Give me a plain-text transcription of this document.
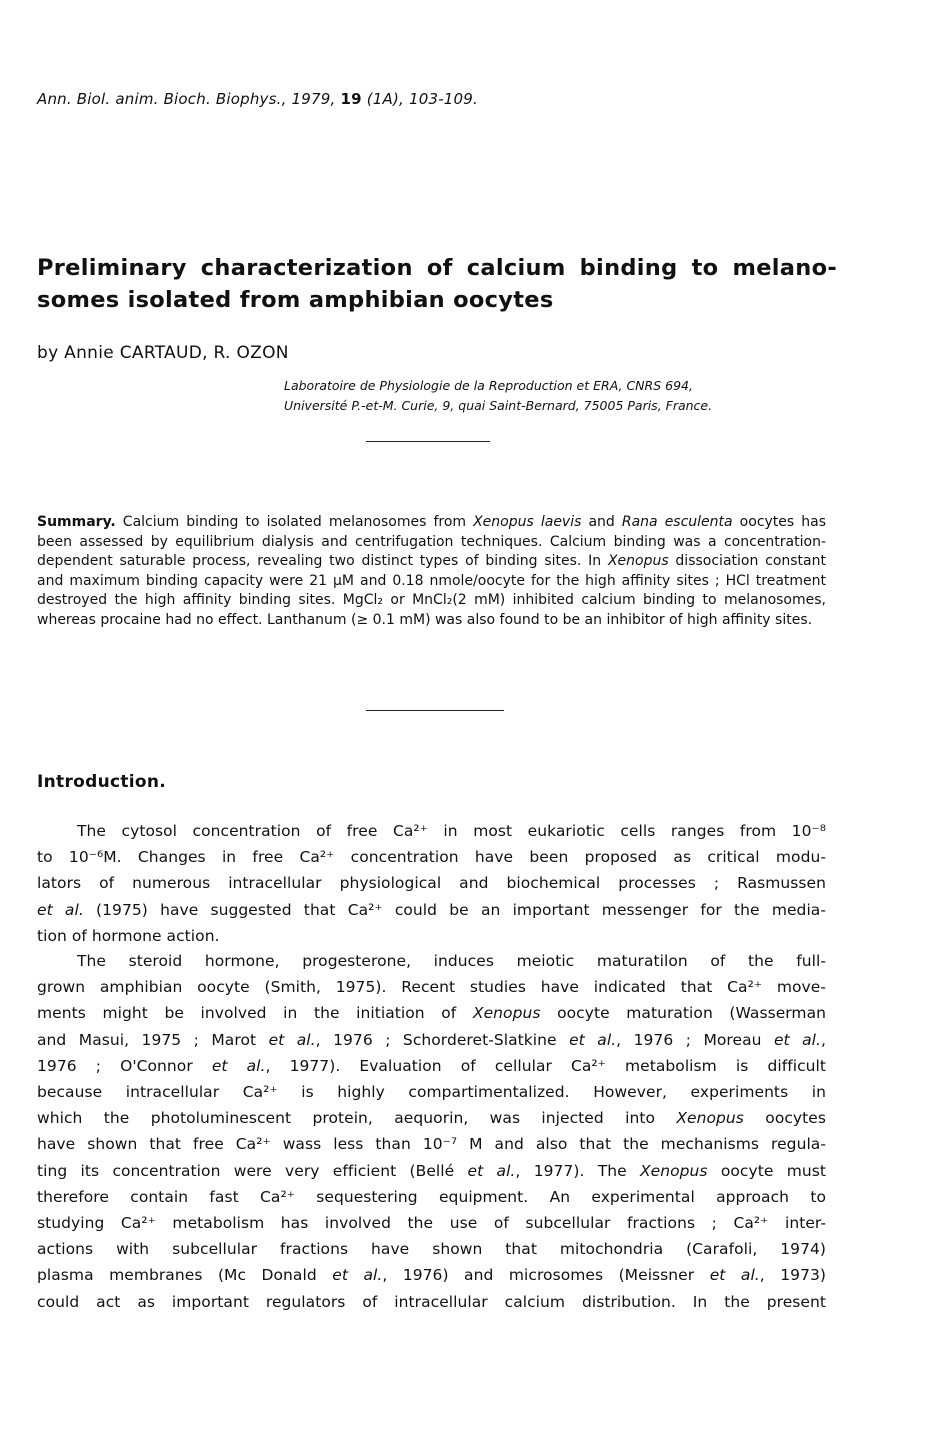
Ann. Biol. anim. Bioch. Biophys., 1979, 19 (1A), 103-109.
Preliminary characterization of calcium binding to melano-
somes isolated from amphibian oocytes
by Annie CARTAUD, R. OZON
Laboratoire de Physiologie de la Reproduction et ERA, CNRS 694,
Université P.-et-M. Curie, 9, quai Saint-Bernard, 75005 Paris, France.

Summary. Calcium binding to isolated melanosomes from Xenopus laevis and Rana esculenta oocytes has been assessed by equilibrium dialysis and centrifugation techniques. Calcium binding was a concentration-dependent saturable process, revealing two distinct types of binding sites. In Xenopus dissociation constant and maximum binding capacity were 21 μM and 0.18 nmole/oocyte for the high affinity sites ; HCl treatment destroyed the high affinity binding sites. MgCl₂ or MnCl₂(2 mM) inhibited calcium binding to melanosomes, whereas procaine had no effect. Lanthanum (≥ 0.1 mM) was also found to be an inhibitor of high affinity sites.

Introduction.
The cytosol concentration of free Ca²⁺ in most eukariotic cells ranges from 10⁻⁸
to 10⁻⁶M. Changes in free Ca²⁺ concentration have been proposed as critical modu-
lators of numerous intracellular physiological and biochemical processes ; Rasmussen
et al. (1975) have suggested that Ca²⁺ could be an important messenger for the media-
tion of hormone action.
The steroid hormone, progesterone, induces meiotic maturatilon of the full-
grown amphibian oocyte (Smith, 1975). Recent studies have indicated that Ca²⁺ move-
ments might be involved in the initiation of Xenopus oocyte maturation (Wasserman
and Masui, 1975 ; Marot et al., 1976 ; Schorderet-Slatkine et al., 1976 ; Moreau et al.,
1976 ; O'Connor et al., 1977). Evaluation of cellular Ca²⁺ metabolism is difficult
because intracellular Ca²⁺ is highly compartimentalized. However, experiments in
which the photoluminescent protein, aequorin, was injected into Xenopus oocytes
have shown that free Ca²⁺ wass less than 10⁻⁷ M and also that the mechanisms regula-
ting its concentration were very efficient (Bellé et al., 1977). The Xenopus oocyte must
therefore contain fast Ca²⁺ sequestering equipment. An experimental approach to
studying Ca²⁺ metabolism has involved the use of subcellular fractions ; Ca²⁺ inter-
actions with subcellular fractions have shown that mitochondria (Carafoli, 1974)
plasma membranes (Mc Donald et al., 1976) and microsomes (Meissner et al., 1973)
could act as important regulators of intracellular calcium distribution. In the present
